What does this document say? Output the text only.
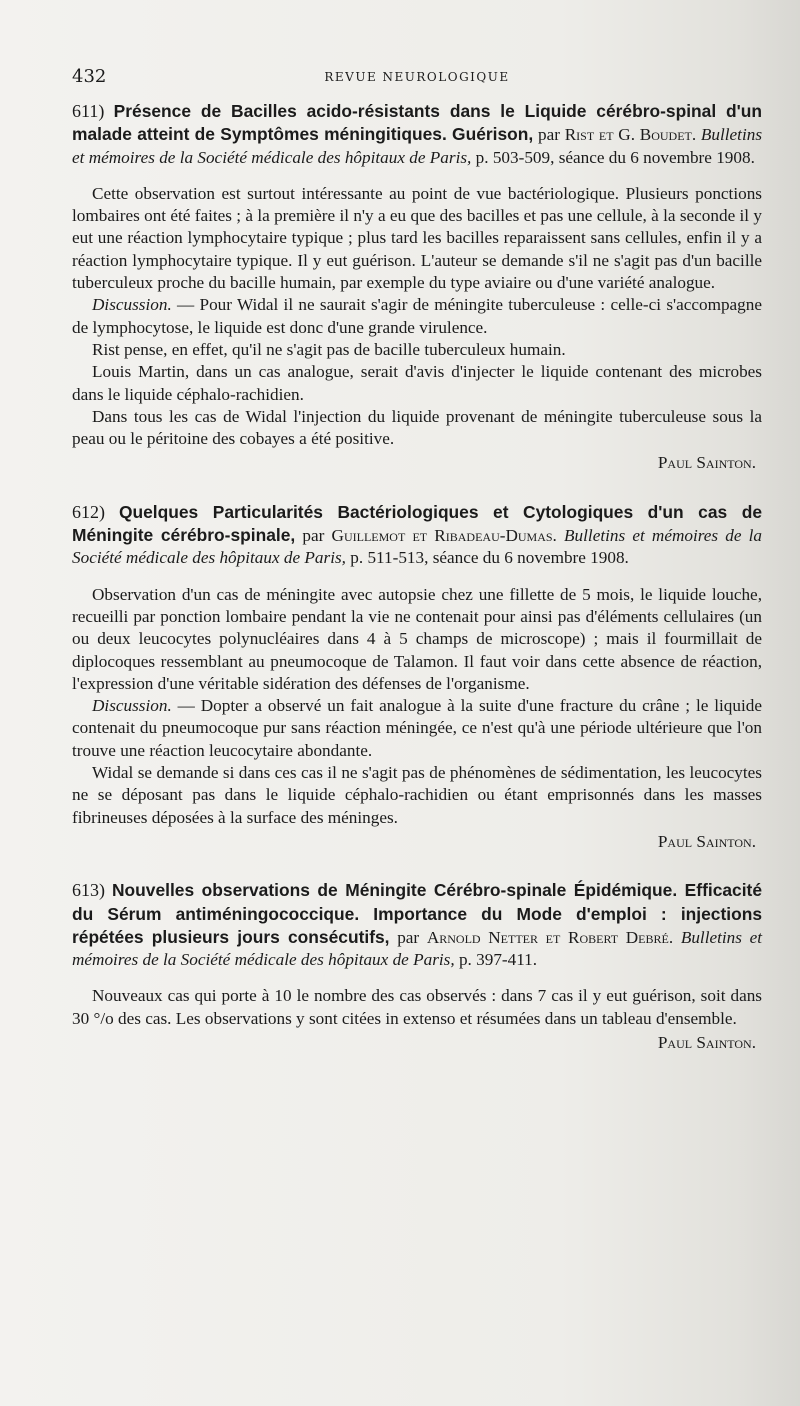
432	REVUE NEUROLOGIQUE
611) Présence de Bacilles acido-résistants dans le Liquide cérébro-spinal d'un malade atteint de Symptômes méningitiques. Guérison, par Rist et G. Boudet. Bulletins et mémoires de la Société médicale des hôpitaux de Paris, p. 503-509, séance du 6 novembre 1908.

Cette observation est surtout intéressante au point de vue bactériologique. Plusieurs ponctions lombaires ont été faites ; à la première il n'y a eu que des bacilles et pas une cellule, à la seconde il y eut une réaction lymphocytaire typique ; plus tard les bacilles reparaissent sans cellules, enfin il y a réaction lymphocytaire typique. Il y eut guérison. L'auteur se demande s'il ne s'agit pas d'un bacille tuberculeux proche du bacille humain, par exemple du type aviaire ou d'une variété analogue.

Discussion. — Pour Widal il ne saurait s'agir de méningite tuberculeuse : celle-ci s'accompagne de lymphocytose, le liquide est donc d'une grande virulence.

Rist pense, en effet, qu'il ne s'agit pas de bacille tuberculeux humain.

Louis Martin, dans un cas analogue, serait d'avis d'injecter le liquide contenant des microbes dans le liquide céphalo-rachidien.

Dans tous les cas de Widal l'injection du liquide provenant de méningite tuberculeuse sous la peau ou le péritoine des cobayes a été positive.

Paul Sainton.
612) Quelques Particularités Bactériologiques et Cytologiques d'un cas de Méningite cérébro-spinale, par Guillemot et Ribadeau-Dumas. Bulletins et mémoires de la Société médicale des hôpitaux de Paris, p. 511-513, séance du 6 novembre 1908.

Observation d'un cas de méningite avec autopsie chez une fillette de 5 mois, le liquide louche, recueilli par ponction lombaire pendant la vie ne contenait pour ainsi pas d'éléments cellulaires (un ou deux leucocytes polynucléaires dans 4 à 5 champs de microscope) ; mais il fourmillait de diplocoques ressemblant au pneumocoque de Talamon. Il faut voir dans cette absence de réaction, l'expression d'une véritable sidération des défenses de l'organisme.

Discussion. — Dopter a observé un fait analogue à la suite d'une fracture du crâne ; le liquide contenait du pneumocoque pur sans réaction méningée, ce n'est qu'à une période ultérieure que l'on trouve une réaction leucocytaire abondante.

Widal se demande si dans ces cas il ne s'agit pas de phénomènes de sédimentation, les leucocytes ne se déposant pas dans le liquide céphalo-rachidien ou étant emprisonnés dans les masses fibrineuses déposées à la surface des méninges.

Paul Sainton.
613) Nouvelles observations de Méningite Cérébro-spinale Épidémique. Efficacité du Sérum antiméningococcique. Importance du Mode d'emploi : injections répétées plusieurs jours consécutifs, par Arnold Netter et Robert Debré. Bulletins et mémoires de la Société médicale des hôpitaux de Paris, p. 397-411.

Nouveaux cas qui porte à 10 le nombre des cas observés : dans 7 cas il y eut guérison, soit dans 30 °/o des cas. Les observations y sont citées in extenso et résumées dans un tableau d'ensemble.

Paul Sainton.
